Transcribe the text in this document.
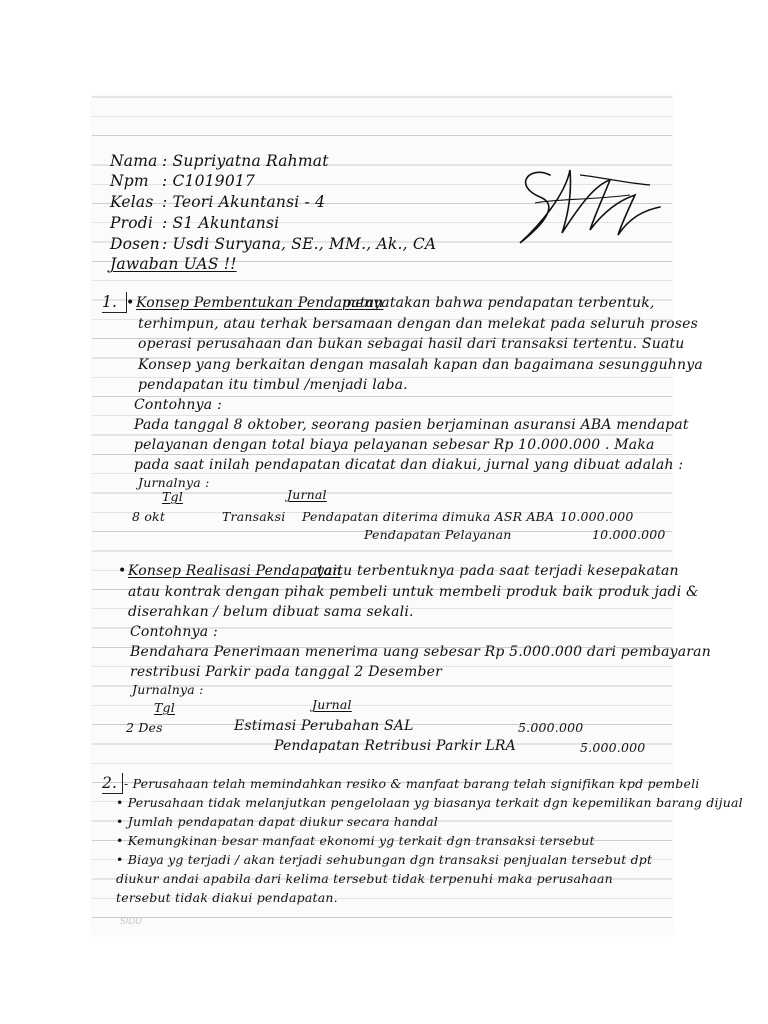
Nama : Supriyatna Rahmat
Npm : C1019017
Kelas : Teori Akuntansi - 4
Prodi : S1 Akuntansi
Dosen : Usdi Suryana, SE., MM., Ak., CA
Jawaban UAS !!
1. • Konsep Pembentukan Pendapatan
menyatakan bahwa pendapatan terbentuk,
terhimpun, atau terhak bersamaan dengan dan melekat pada seluruh proses
operasi perusahaan dan bukan sebagai hasil dari transaksi tertentu. Suatu
Konsep yang berkaitan dengan masalah kapan dan bagaimana sesungguhnya
pendapatan itu timbul /menjadi laba.
Contohnya :
Pada tanggal 8 oktober, seorang pasien berjaminan asuransi ABA mendapat
pelayanan dengan total biaya pelayanan sebesar Rp 10.000.000 . Maka
pada saat inilah pendapatan dicatat dan diakui, jurnal yang dibuat adalah :
Jurnalnya :
Tgl	Jurnal
8 okt	Transaksi Pendapatan diterima dimuka ASR ABA 10.000.000
Pendapatan Pelayanan	10.000.000
• Konsep Realisasi Pendapatan
yaitu terbentuknya pada saat terjadi kesepakatan
atau kontrak dengan pihak pembeli untuk membeli produk baik produk jadi &
diserahkan / belum dibuat sama sekali.
Contohnya :
Bendahara Penerimaan menerima uang sebesar Rp 5.000.000 dari pembayaran
restribusi Parkir pada tanggal 2 Desember
Jurnalnya :
Tgl	Jurnal
2 Des	Estimasi Perubahan SAL	5.000.000
Pendapatan Retribusi Parkir LRA	5.000.000
2. - Perusahaan telah memindahkan resiko & manfaat barang telah signifikan kpd pembeli
• Perusahaan tidak melanjutkan pengelolaan yg biasanya terkait dgn kepemilikan barang dijual
• Jumlah pendapatan dapat diukur secara handal
• Kemungkinan besar manfaat ekonomi yg terkait dgn transaksi tersebut
• Biaya yg terjadi / akan terjadi sehubungan dgn transaksi penjualan tersebut dpt
diukur andai apabila dari kelima tersebut tidak terpenuhi maka perusahaan
tersebut tidak diakui pendapatan.
SIDU
